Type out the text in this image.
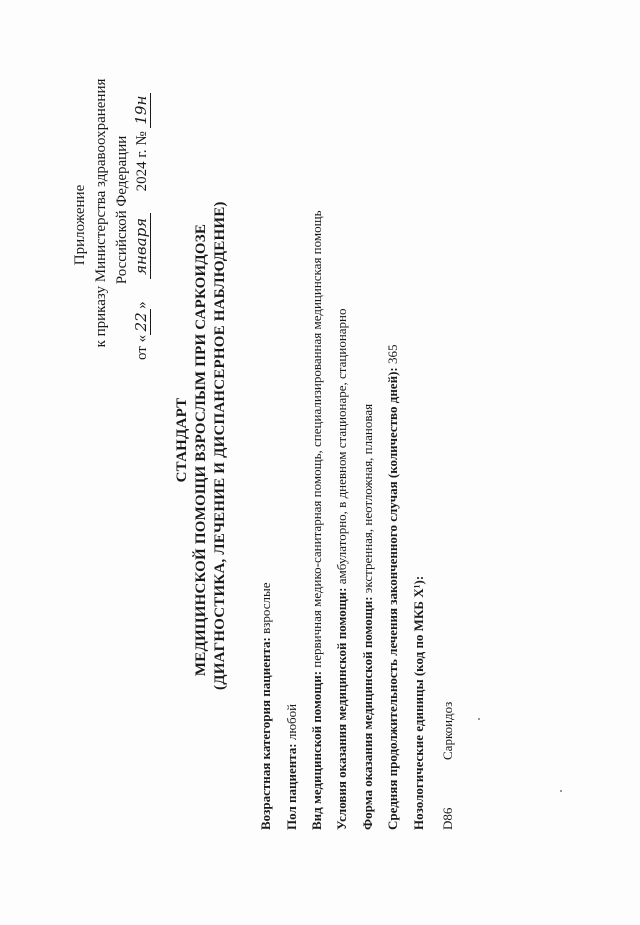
Приложение к приказу Министерства здравоохранения Российской Федерации
от «22»января2024 г. № 19н
СТАНДАРТ МЕДИЦИНСКОЙ ПОМОЩИ ВЗРОСЛЫМ ПРИ САРКОИДОЗЕ (ДИАГНОСТИКА, ЛЕЧЕНИЕ И ДИСПАНСЕРНОЕ НАБЛЮДЕНИЕ)
Возрастная категория пациента: взрослые
Пол пациента: любой Вид медицинской помощи: первичная медико-санитарная помощь, специализированная медицинская помощь
Условия оказания медицинской помощи: амбулаторно, в дневном стационаре, стационарно
Форма оказания медицинской помощи: экстренная, неотложная, плановая Средняя продолжительность лечения законченного случая (количество дней): 365
Нозологические единицы (код по МКБ X¹): D86
Саркоидоз
